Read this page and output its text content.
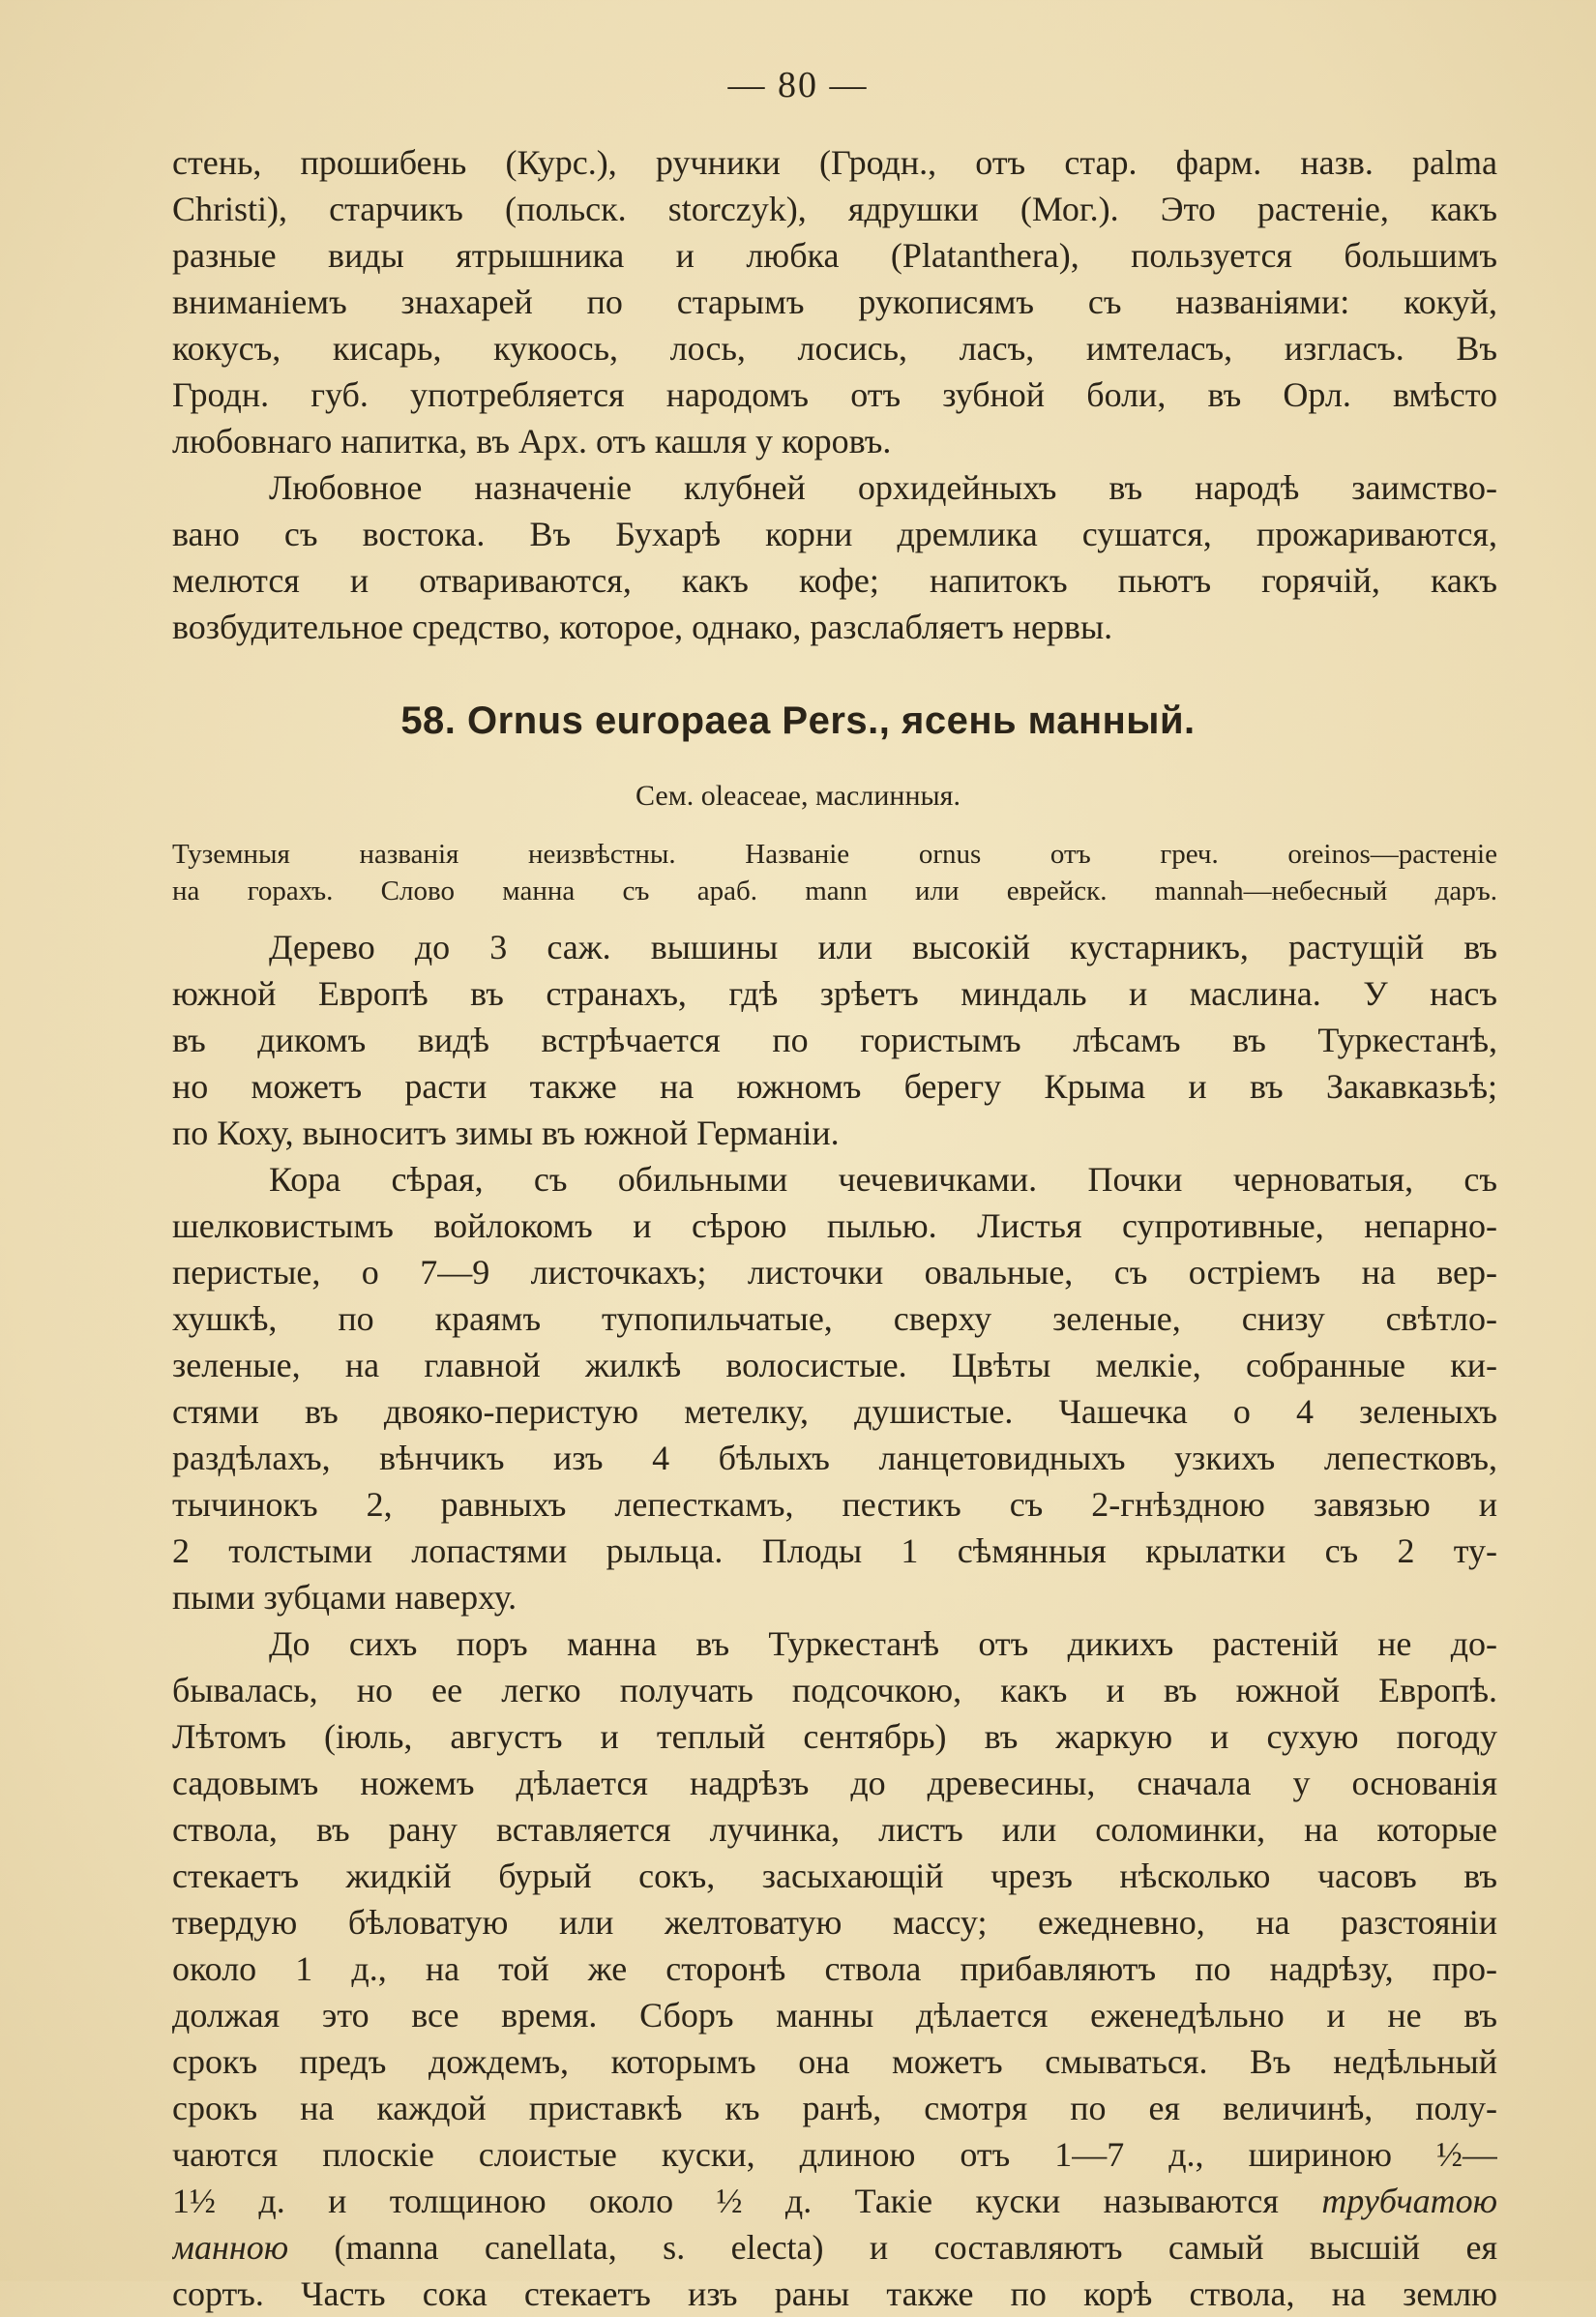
— 80 —
стень, прошибень (Курс.), ручники (Гродн., отъ стар. фарм. назв. palma
Christi), старчикъ (польск. storczyk), ядрушки (Мог.). Это растеніе, какъ
разные виды ятрышника и любка (Platanthera), пользуется большимъ
вниманіемъ знахарей по старымъ рукописямъ съ названіями: кокуй,
кокусъ, кисарь, кукоось, лось, лосись, ласъ, имтеласъ, изгласъ. Въ
Гродн. губ. употребляется народомъ отъ зубной боли, въ Орл. вмѣсто
любовнаго напитка, въ Арх. отъ кашля у коровъ.
Любовное назначеніе клубней орхидейныхъ въ народѣ заимство-
вано съ востока. Въ Бухарѣ корни дремлика сушатся, прожариваются,
мелются и отвариваются, какъ кофе; напитокъ пьютъ горячій, какъ
возбудительное средство, которое, однако, разслабляетъ нервы.
58. Ornus europaea Pers., ясень манный.
Сем. oleaceae, маслинныя.
Туземныя названія неизвѣстны. Названіе ornus отъ греч. oreinos—растеніе
на горахъ. Слово манна съ араб. mann или еврейск. mannah—небесный даръ.
Дерево до 3 саж. вышины или высокій кустарникъ, растущій въ
южной Европѣ въ странахъ, гдѣ зрѣетъ миндаль и маслина. У насъ
въ дикомъ видѣ встрѣчается по гористымъ лѣсамъ въ Туркестанѣ,
но можетъ расти также на южномъ берегу Крыма и въ Закавказьѣ;
по Коху, выноситъ зимы въ южной Германіи.
Кора сѣрая, съ обильными чечевичками. Почки черноватыя, съ
шелковистымъ войлокомъ и сѣрою пылью. Листья супротивные, непарно-
перистые, о 7—9 листочкахъ; листочки овальные, съ остріемъ на вер-
хушкѣ, по краямъ тупопильчатые, сверху зеленые, снизу свѣтло-
зеленые, на главной жилкѣ волосистые. Цвѣты мелкіе, собранные ки-
стями въ двояко-перистую метелку, душистые. Чашечка о 4 зеленыхъ
раздѣлахъ, вѣнчикъ изъ 4 бѣлыхъ ланцетовидныхъ узкихъ лепестковъ,
тычинокъ 2, равныхъ лепесткамъ, пестикъ съ 2-гнѣздною завязью и
2 толстыми лопастями рыльца. Плоды 1 сѣмянныя крылатки съ 2 ту-
пыми зубцами наверху.
До сихъ поръ манна въ Туркестанѣ отъ дикихъ растеній не до-
бывалась, но ее легко получать подсочкою, какъ и въ южной Европѣ.
Лѣтомъ (іюль, августъ и теплый сентябрь) въ жаркую и сухую погоду
садовымъ ножемъ дѣлается надрѣзъ до древесины, сначала у основанія
ствола, въ рану вставляется лучинка, листъ или соломинки, на которые
стекаетъ жидкій бурый сокъ, засыхающій чрезъ нѣсколько часовъ въ
твердую бѣловатую или желтоватую массу; ежедневно, на разстояніи
около 1 д., на той же сторонѣ ствола прибавляютъ по надрѣзу, про-
должая это все время. Сборъ манны дѣлается еженедѣльно и не въ
срокъ предъ дождемъ, которымъ она можетъ смываться. Въ недѣльный
срокъ на каждой приставкѣ къ ранѣ, смотря по ея величинѣ, полу-
чаются плоскіе слоистые куски, длиною отъ 1—7 д., шириною ½—
1½ д. и толщиною около ½ д. Такіе куски называются трубчатою
манною (manna canellata, s. electa) и составляютъ самый высшій ея
сортъ. Часть сока стекаетъ изъ раны также по корѣ ствола, на землю
